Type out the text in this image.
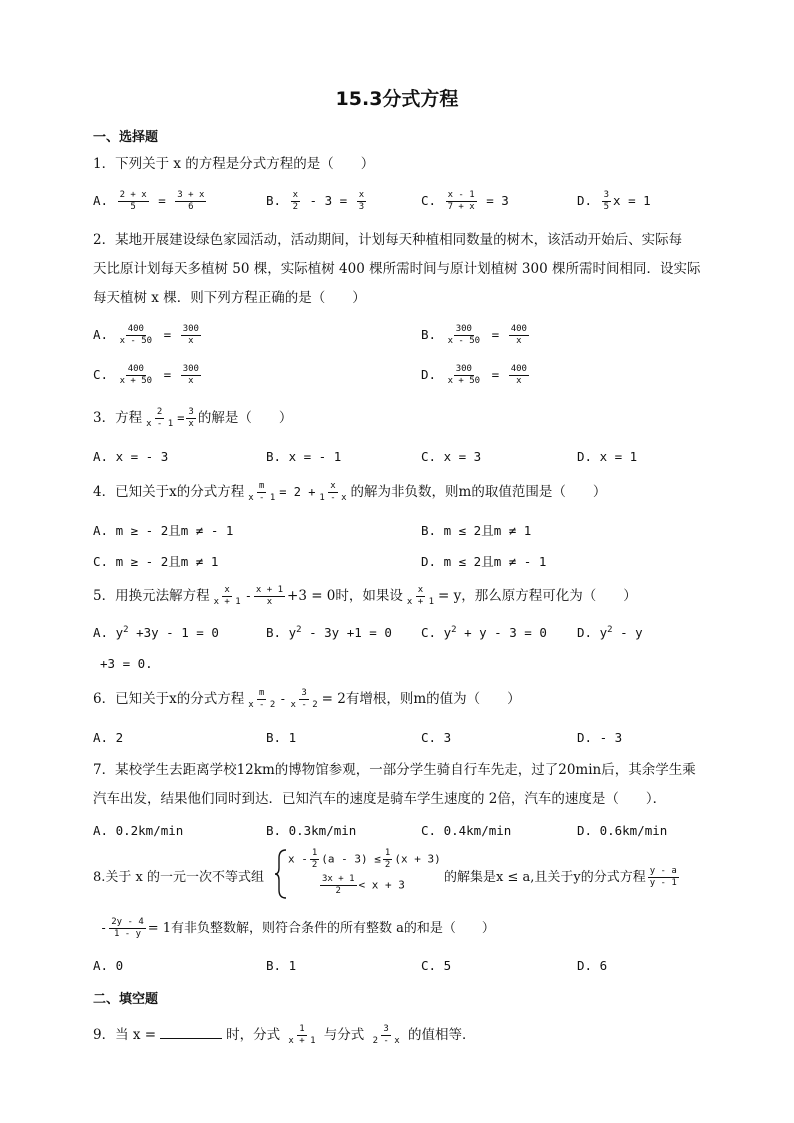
15.3分式方程
一、选择题
1．下列关于 x 的方程是分式方程的是（　　）
A. $\frac{2 + x}{5} = \frac{3 + x}{6}$	B. $\frac{x}{2} - 3 = \frac{x}{3}$	C. $\frac{x - 1}{7 + x} = 3$	D. $\frac{3}{5}$ x = 1
2．某地开展建设绿色家园活动，活动期间，计划每天种植相同数量的树木，该活动开始后、实际每
天比原计划每天多植树 50 棵，实际植树 400 棵所需时间与原计划植树 300 棵所需时间相同．设实际
每天植树 x 棵．则下列方程正确的是（　　）
A. $\frac{400}{x - 50} = \frac{300}{x}$	B. $\frac{300}{x - 50} = \frac{400}{x}$
C. $\frac{400}{x + 50} = \frac{300}{x}$	D. $\frac{300}{x + 50} = \frac{400}{x}$
3．方程 $\frac{2}{x - 1} = \frac{3}{x}$ 的解是（　　）
A. x = - 3	B. x = - 1	C. x = 3	D. x = 1
4．已知关于x的分式方程 $\frac{m}{x - 1} = 2 + \frac{x}{1 - x}$ 的解为非负数，则m的取值范围是（　　）
A. m ≥ - 2且m ≠ - 1	B. m ≤ 2且m ≠ 1
C. m ≥ - 2且m ≠ 1	D. m ≤ 2且m ≠ - 1
5．用换元法解方程 $\frac{x}{x + 1} - \frac{x + 1}{x} +3 = 0$时，如果设 $\frac{x}{x + 1} = y$，那么原方程可化为（　　）
A. $y^2 +3y - 1 = 0$	B. $y^2 - 3y +1 = 0$ C. $y^2 + y - 3 = 0$ D. $y^2$ - y
+3 = 0.
6．已知关于x的分式方程 $\frac{m}{x - 2} - \frac{3}{x - 2} = 2$有增根，则m的值为（　　）
A. 2	B. 1	C. 3	D. - 3
7．某校学生去距离学校12km的博物馆参观，一部分学生骑自行车先走，过了20min后，其余学生乘
汽车出发，结果他们同时到达．已知汽车的速度是骑车学生速度的 2倍，汽车的速度是（　　）．
A. 0.2km/min	B. 0.3km/min	C. 0.4km/min	D. 0.6km/min
8.关于 x 的一元一次不等式组
$x - \frac{1}{2} (a - 3) \le \frac{1}{2} (x + 3)$
$\frac{3x + 1}{2} < x + 3$	的解集是x ≤ a,且关于y的分式方程 $\frac{y - a}{y - 1}$
- $\frac{2y - 4}{1 - y} = 1$有非负整数解，则符合条件的所有整数 a的和是（　　）
A. 0	B. 1	C. 5	D. 6
二、填空题
9．当 x =	时，分式 $\frac{1}{x + 1}$ 与分式 $\frac{3}{2 - x}$ 的值相等．
